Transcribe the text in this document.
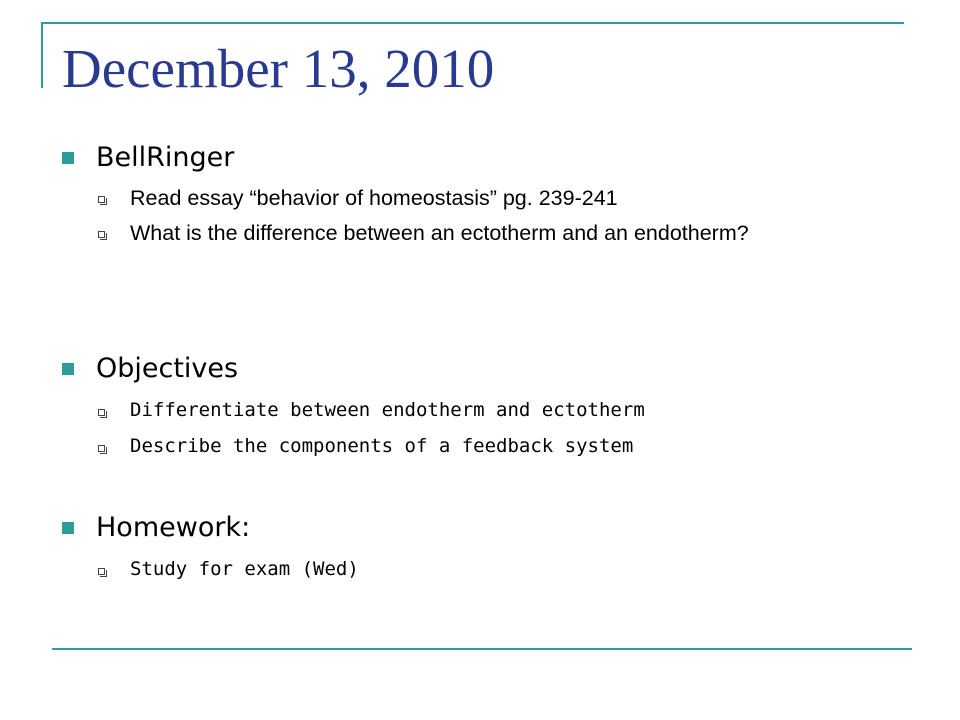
December 13, 2010
BellRinger
Read essay “behavior of homeostasis” pg. 239-241
What is the difference between an ectotherm and an endotherm?
Objectives
Differentiate between endotherm and ectotherm
Describe the components of a feedback system
Homework:
Study for exam (Wed)
